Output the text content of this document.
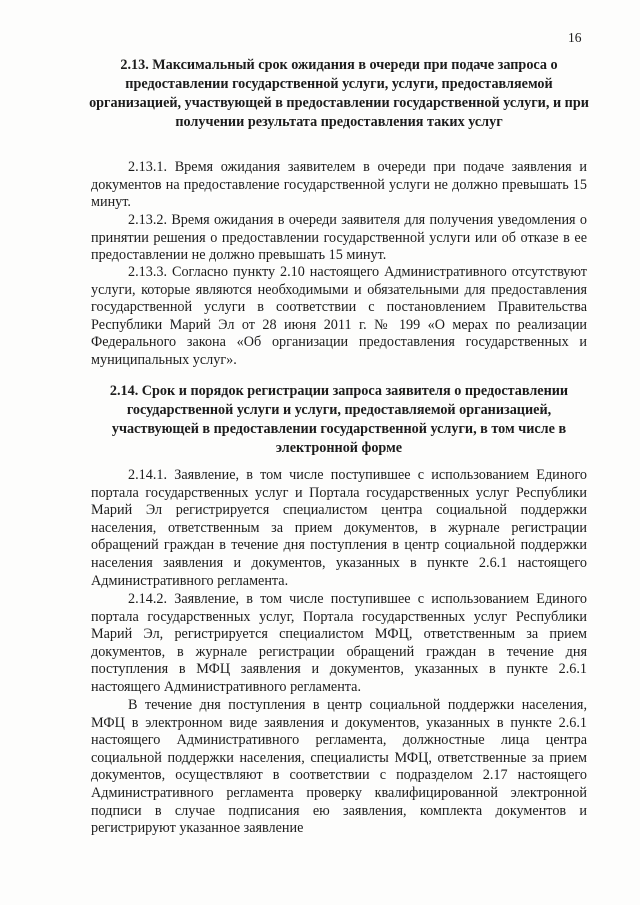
16
2.13. Максимальный срок ожидания в очереди при подаче запроса о предоставлении государственной услуги, услуги, предоставляемой организацией, участвующей в предоставлении государственной услуги, и при получении результата предоставления таких услуг

2.13.1. Время ожидания заявителем в очереди при подаче заявления и документов на предоставление государственной услуги не должно превышать 15 минут.

2.13.2. Время ожидания в очереди заявителя для получения уведомления о принятии решения о предоставлении государственной услуги или об отказе в ее предоставлении не должно превышать 15 минут.

2.13.3. Согласно пункту 2.10 настоящего Административного отсутствуют услуги, которые являются необходимыми и обязательными для предоставления государственной услуги в соответствии с постановлением Правительства Республики Марий Эл от 28 июня 2011 г. № 199 «О мерах по реализации Федерального закона «Об организации предоставления государственных и муниципальных услуг».

2.14. Срок и порядок регистрации запроса заявителя о предоставлении государственной услуги и услуги, предоставляемой организацией, участвующей в предоставлении государственной услуги, в том числе в электронной форме

2.14.1. Заявление, в том числе поступившее с использованием Единого портала государственных услуг и Портала государственных услуг Республики Марий Эл регистрируется специалистом центра социальной поддержки населения, ответственным за прием документов, в журнале регистрации обращений граждан в течение дня поступления в центр социальной поддержки населения заявления и документов, указанных в пункте 2.6.1 настоящего Административного регламента.

2.14.2. Заявление, в том числе поступившее с использованием Единого портала государственных услуг, Портала государственных услуг Республики Марий Эл, регистрируется специалистом МФЦ, ответственным за прием документов, в журнале регистрации обращений граждан в течение дня поступления в МФЦ заявления и документов, указанных в пункте 2.6.1 настоящего Административного регламента.

В течение дня поступления в центр социальной поддержки населения, МФЦ в электронном виде заявления и документов, указанных в пункте 2.6.1 настоящего Административного регламента, должностные лица центра социальной поддержки населения, специалисты МФЦ, ответственные за прием документов, осуществляют в соответствии с подразделом 2.17 настоящего Административного регламента проверку квалифицированной электронной подписи в случае подписания ею заявления, комплекта документов и регистрируют указанное заявление
